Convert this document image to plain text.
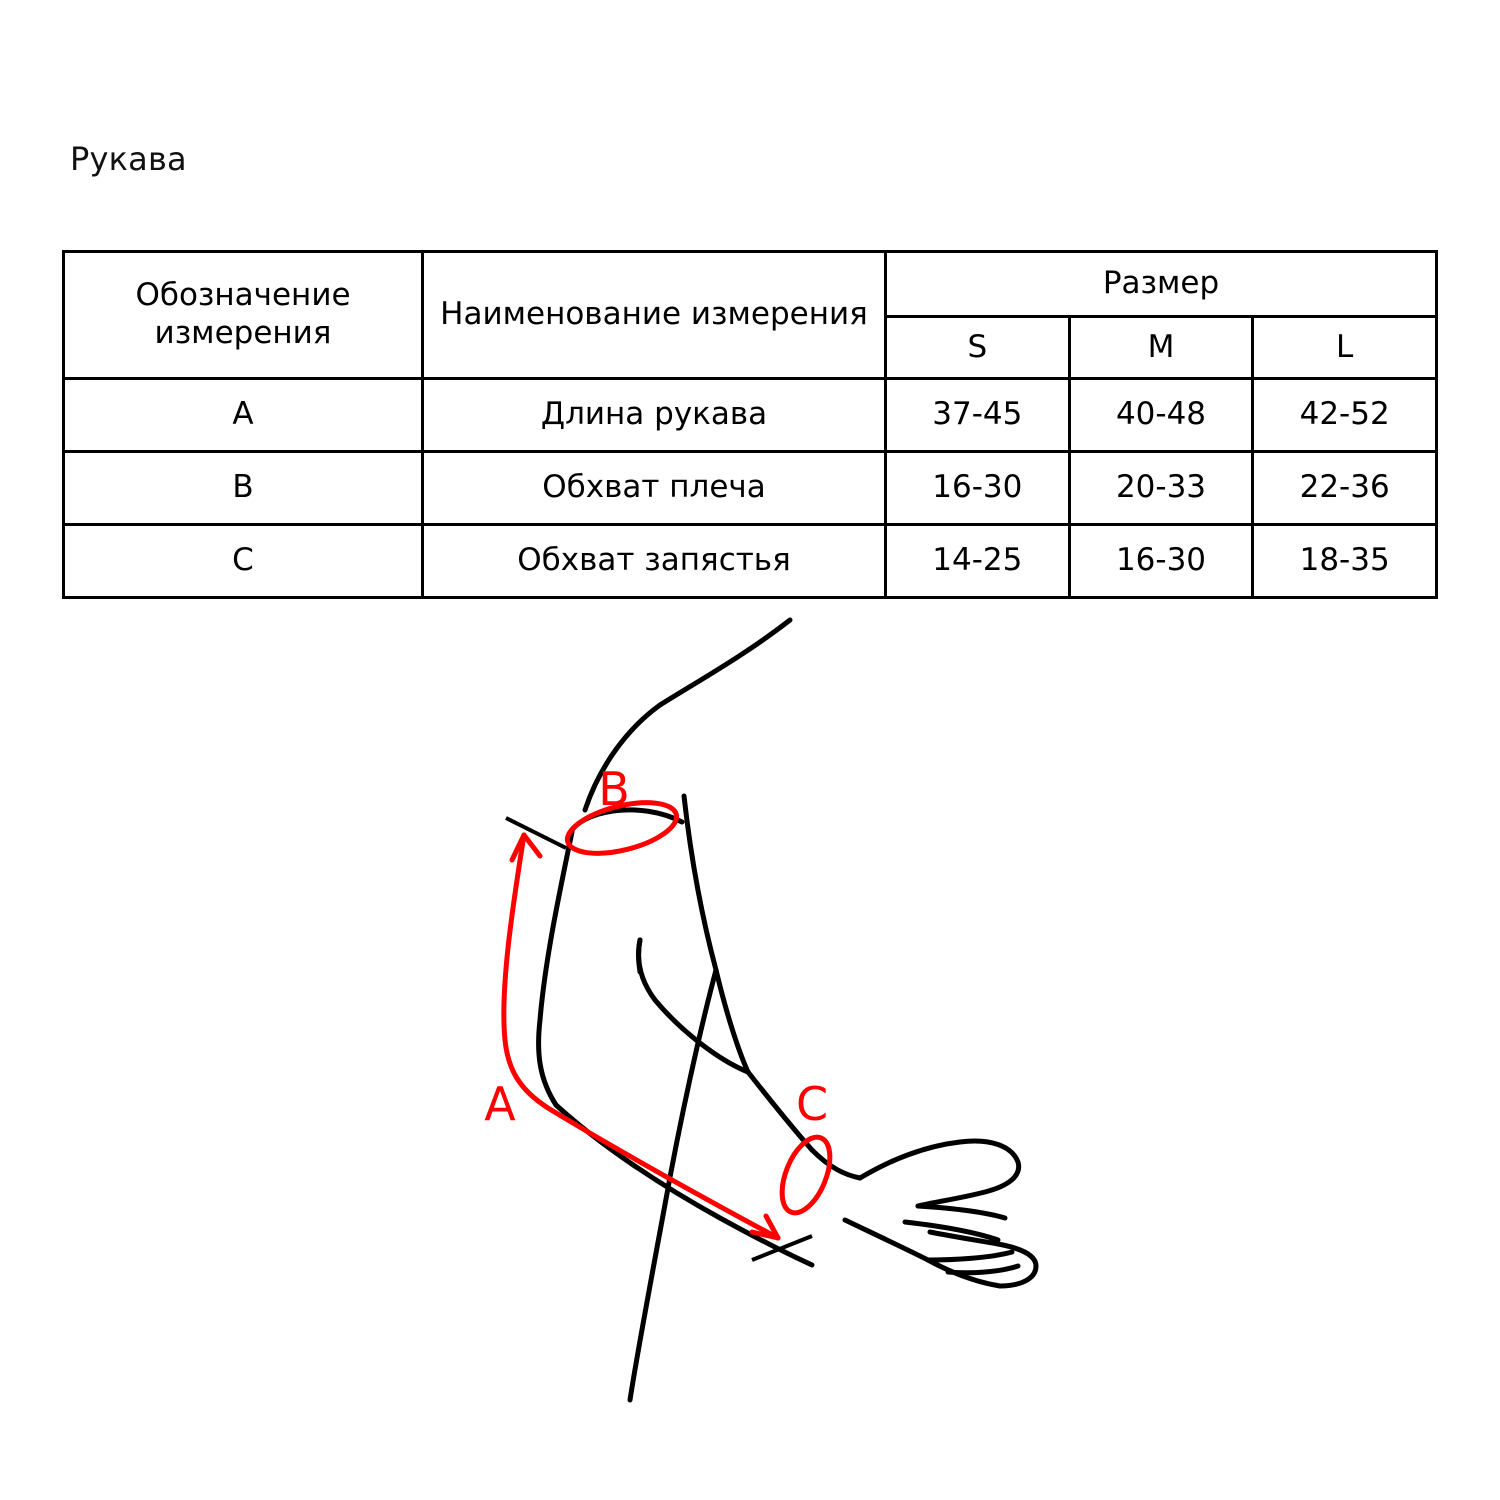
Рукава
Обозначение измерения	Наименование измерения	Размер		
		S	M	L
A	Длина рукава	37-45	40-48	42-52
B	Обхват плеча	16-30	20-33	22-36
C	Обхват запястья	14-25	16-30	18-35
B
A	C
